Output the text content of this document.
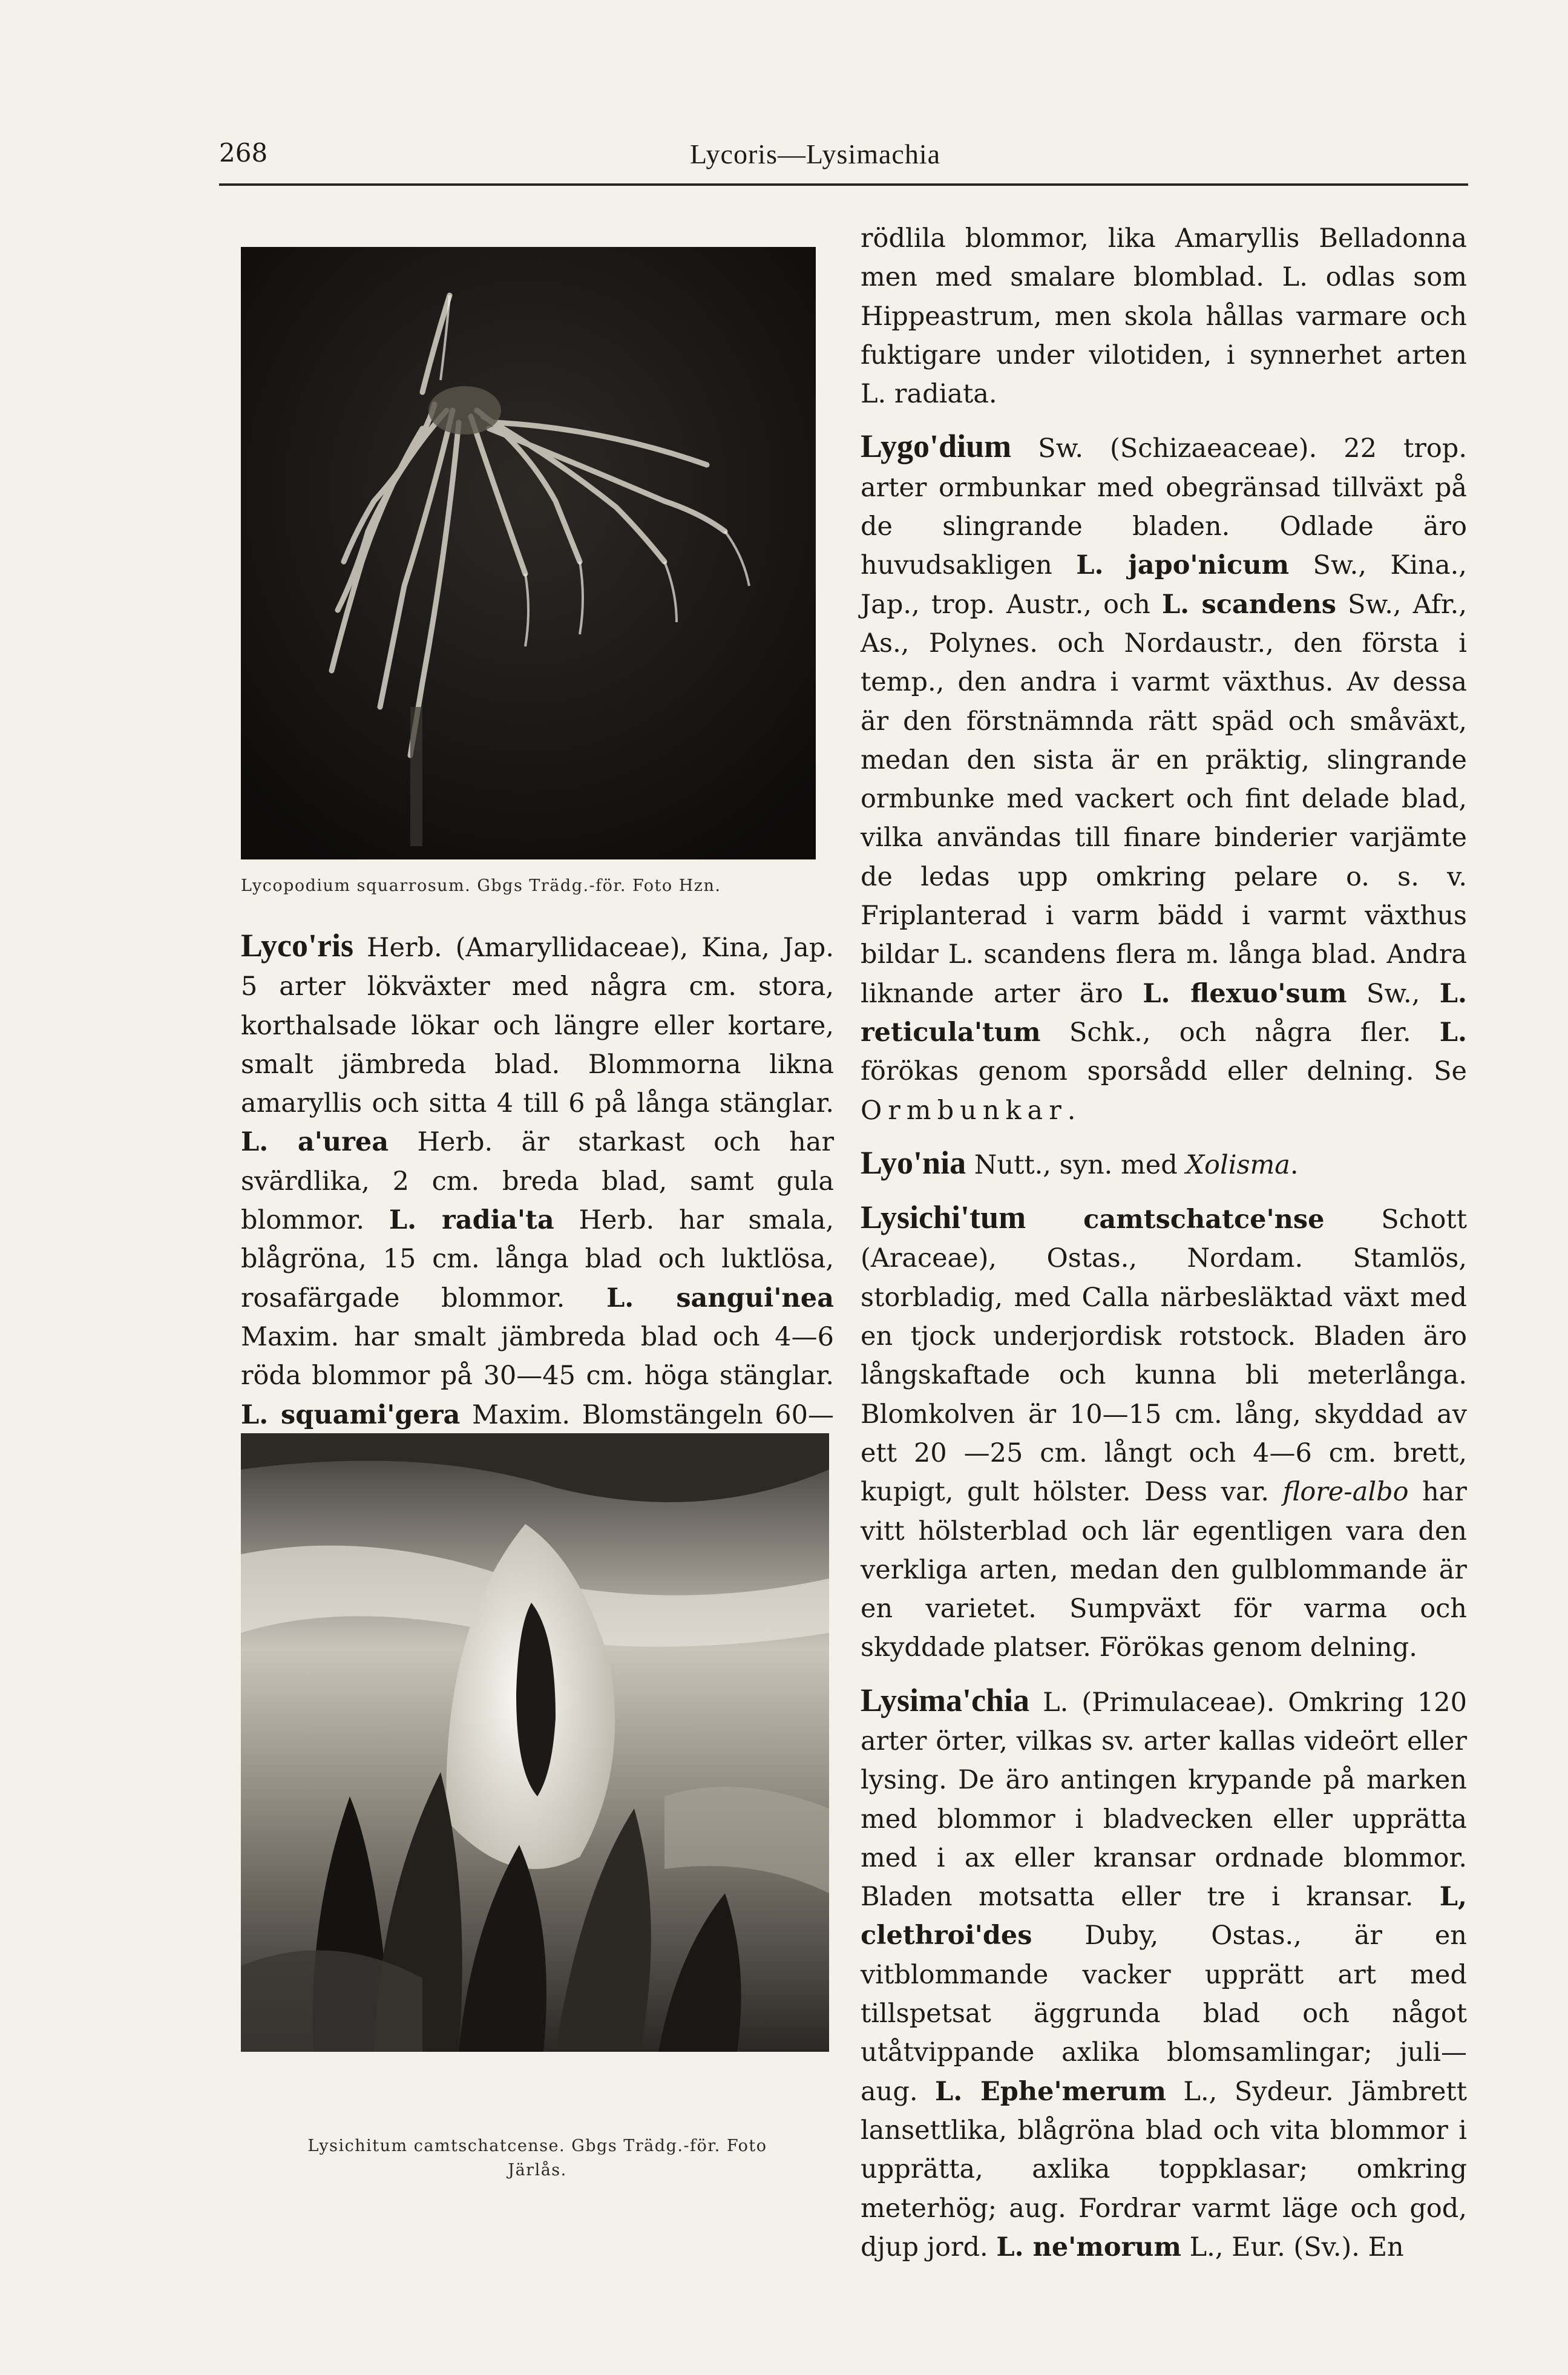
268	Lycoris—Lysimachia
Lycopodium squarrosum. Gbgs Trädg.-för. Foto Hzn.

Lyco'ris Herb. (Amaryllidaceae), Kina, Jap. 5 arter lökväxter med några cm. stora, korthalsade lökar och längre eller kortare, smalt jämbreda blad. Blommorna likna amaryllis och sitta 4 till 6 på långa stänglar. L. a'urea Herb. är starkast och har svärdlika, 2 cm. breda blad, samt gula blommor. L. radia'ta Herb. har smala, blågröna, 15 cm. långa blad och luktlösa, rosafärgade blommor. L. sangui'nea Maxim. har smalt jämbreda blad och 4—6 röda blommor på 30—45 cm. höga stänglar. L. squami'gera Maxim. Blomstängeln 60—

Lysichitum camtschatcense. Gbgs Trädg.-för. Foto
Järlås.

rödlila blommor, lika Amaryllis Belladonna men med smalare blomblad. L. odlas som Hippeastrum, men skola hållas varmare och fuktigare under vilotiden, i synnerhet arten L. radiata.

Lygo'dium Sw. (Schizaeaceae). 22 trop. arter ormbunkar med obegränsad tillväxt på de slingrande bladen. Odlade äro huvudsakligen L. japo'nicum Sw., Kina., Jap., trop. Austr., och L. scandens Sw., Afr., As., Polynes. och Nordaustr., den första i temp., den andra i varmt växthus. Av dessa är den förstnämnda rätt späd och småväxt, medan den sista är en präktig, slingrande ormbunke med vackert och fint delade blad, vilka användas till finare binderier varjämte de ledas upp omkring pelare o. s. v. Friplanterad i varm bädd i varmt växthus bildar L. scandens flera m. långa blad. Andra liknande arter äro L. flexuo'sum Sw., L. reticula'tum Schk., och några fler. L. förökas genom sporsådd eller delning. Se Ormbunkar.

Lyo'nia Nutt., syn. med Xolisma.

Lysichi'tum camtschatce'nse Schott (Araceae), Ostas., Nordam. Stamlös, storbladig, med Calla närbesläktad växt med en tjock underjordisk rotstock. Bladen äro långskaftade och kunna bli meterlånga. Blomkolven är 10—15 cm. lång, skyddad av ett 20 —25 cm. långt och 4—6 cm. brett, kupigt, gult hölster. Dess var. flore-albo har vitt hölsterblad och lär egentligen vara den verkliga arten, medan den gulblommande är en varietet. Sumpväxt för varma och skyddade platser. Förökas genom delning.

Lysima'chia L. (Primulaceae). Omkring 120 arter örter, vilkas sv. arter kallas videört eller lysing. De äro antingen krypande på marken med blommor i bladvecken eller upprätta med i ax eller kransar ordnade blommor. Bladen motsatta eller tre i kransar. L, clethroi'des Duby, Ostas., är en vitblommande vacker upprätt art med tillspetsat äggrunda blad och något utåtvippande axlika blomsamlingar; juli—aug. L. Ephe'merum L., Sydeur. Jämbrett lansettlika, blågröna blad och vita blommor i upprätta, axlika toppklasar; omkring meterhög; aug. Fordrar varmt läge och god, djup jord. L. ne'morum L., Eur. (Sv.). En
